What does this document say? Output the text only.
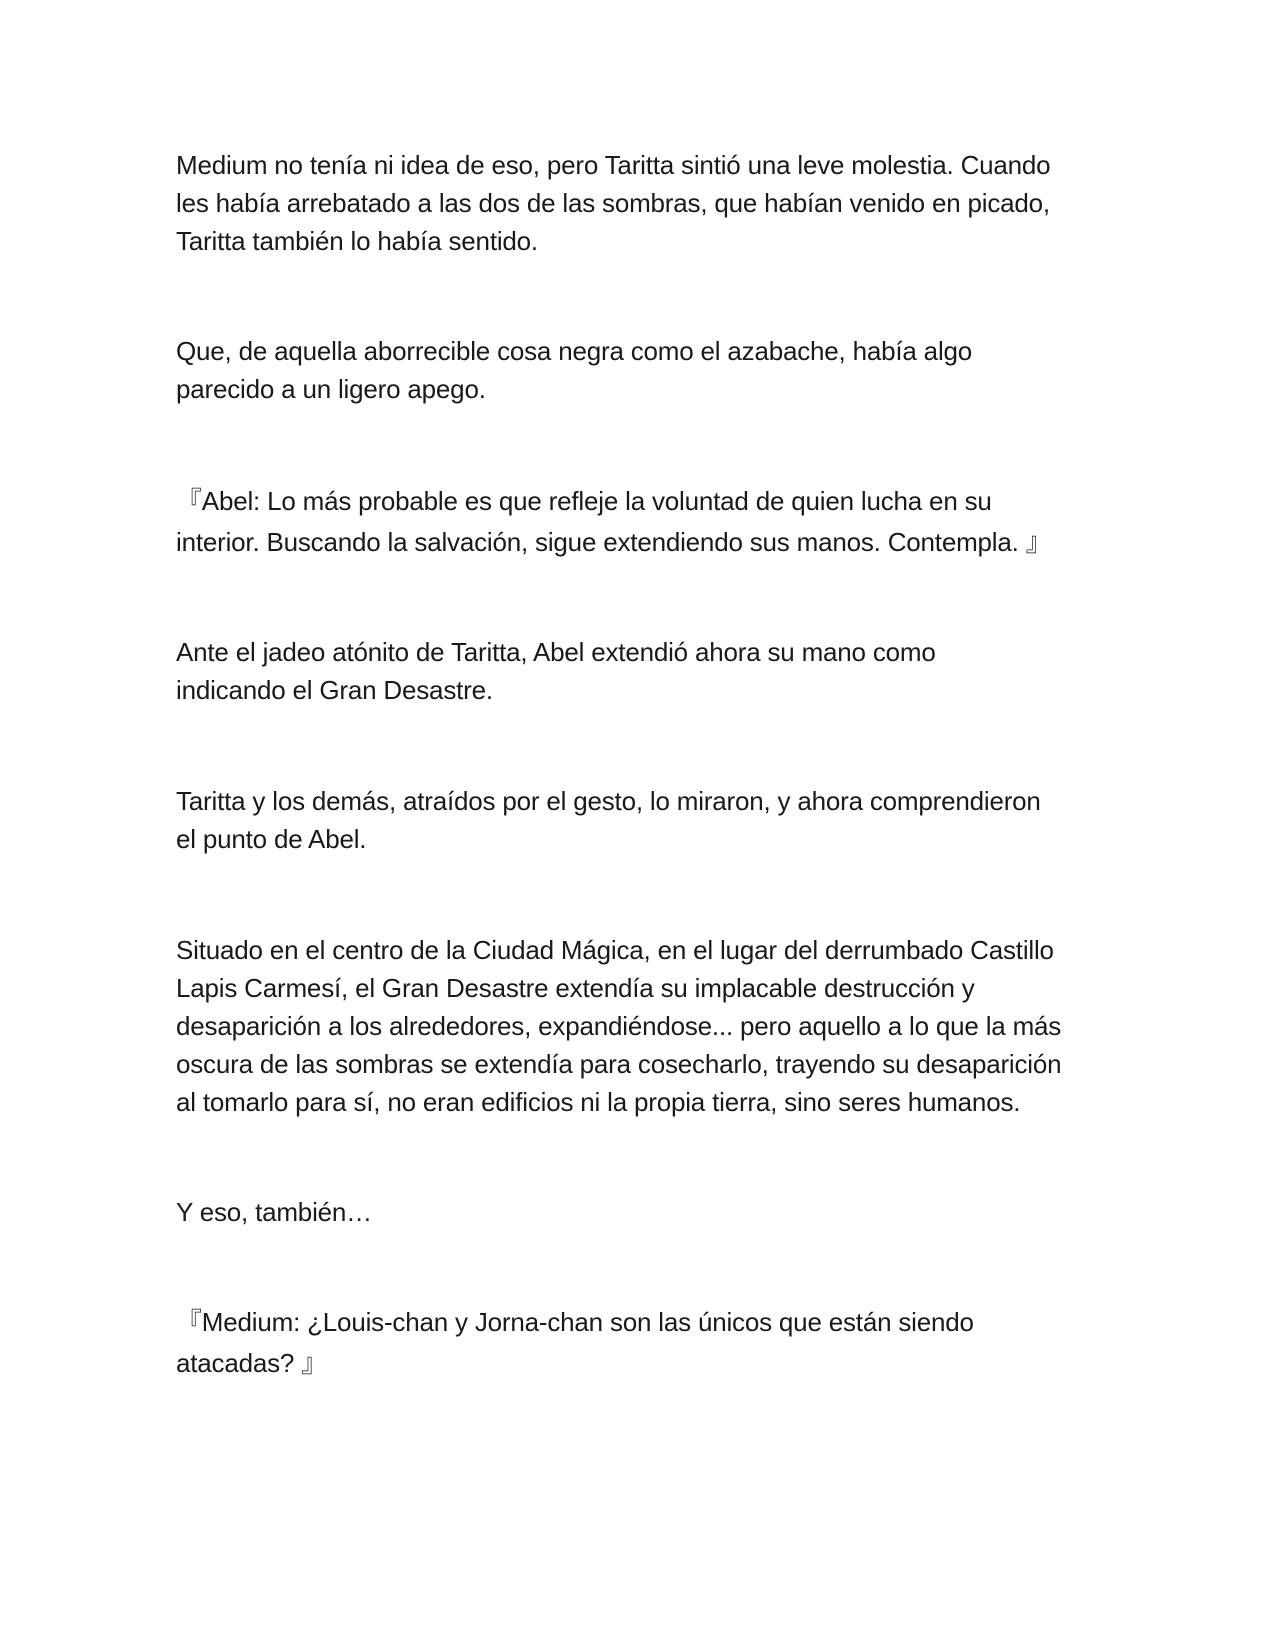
Medium no tenía ni idea de eso, pero Taritta sintió una leve molestia. Cuando
les había arrebatado a las dos de las sombras, que habían venido en picado,
Taritta también lo había sentido.

Que, de aquella aborrecible cosa negra como el azabache, había algo
parecido a un ligero apego.

『Abel: Lo más probable es que refleje la voluntad de quien lucha en su
interior. Buscando la salvación, sigue extendiendo sus manos. Contempla. 』

Ante el jadeo atónito de Taritta, Abel extendió ahora su mano como
indicando el Gran Desastre.

Taritta y los demás, atraídos por el gesto, lo miraron, y ahora comprendieron
el punto de Abel.

Situado en el centro de la Ciudad Mágica, en el lugar del derrumbado Castillo
Lapis Carmesí, el Gran Desastre extendía su implacable destrucción y
desaparición a los alrededores, expandiéndose... pero aquello a lo que la más
oscura de las sombras se extendía para cosecharlo, trayendo su desaparición
al tomarlo para sí, no eran edificios ni la propia tierra, sino seres humanos.

Y eso, también…

『Medium: ¿Louis-chan y Jorna-chan son las únicos que están siendo
atacadas? 』
